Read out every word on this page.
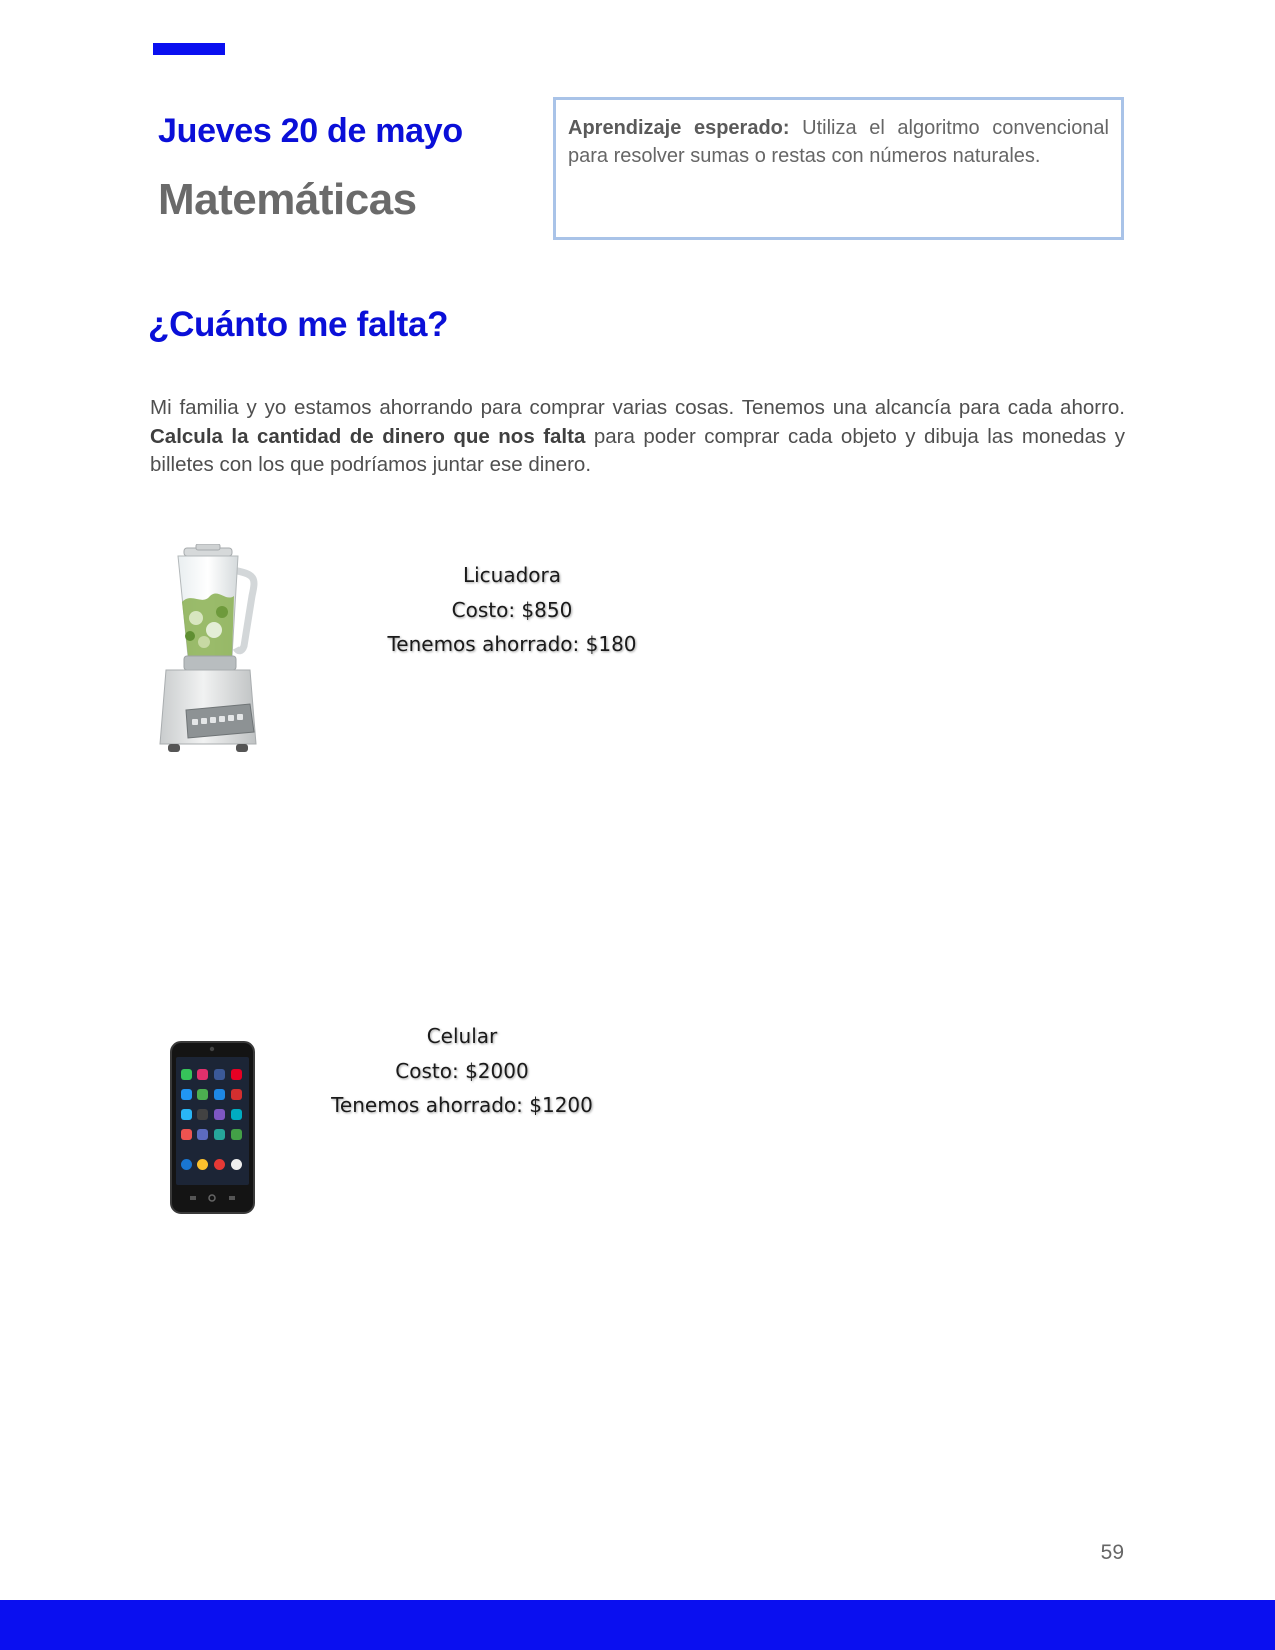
Jueves 20 de mayo
Matemáticas

Aprendizaje esperado: Utiliza el algoritmo convencional para resolver sumas o restas con números naturales.

¿Cuánto me falta?

Mi familia y yo estamos ahorrando para comprar varias cosas. Tenemos una alcancía para cada ahorro. Calcula la cantidad de dinero que nos falta para poder comprar cada objeto y dibuja las monedas y billetes con los que podríamos juntar ese dinero.

Licuadora
Costo: $850
Tenemos ahorrado: $180
Celular
Costo: $2000
Tenemos ahorrado: $1200
59
